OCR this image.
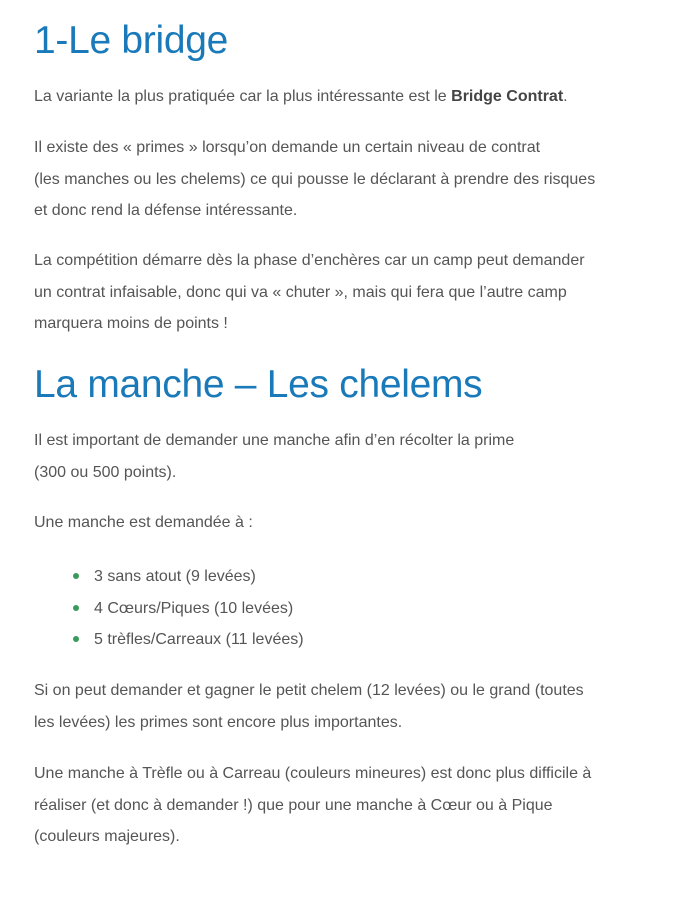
1-Le bridge

La variante la plus pratiquée car la plus intéressante est le Bridge Contrat.

Il existe des « primes » lorsqu’on demande un certain niveau de contrat
(les manches ou les chelems) ce qui pousse le déclarant à prendre des risques
et donc rend la défense intéressante.
La compétition démarre dès la phase d’enchères car un camp peut demander
un contrat infaisable, donc qui va « chuter », mais qui fera que l’autre camp
marquera moins de points !
La manche – Les chelems
Il est important de demander une manche afin d’en récolter la prime
(300 ou 500 points).

Une manche est demandée à :

3 sans atout (9 levées)
4 Cœurs/Piques (10 levées)
5 trèfles/Carreaux (11 levées)
Si on peut demander et gagner le petit chelem (12 levées) ou le grand (toutes
les levées) les primes sont encore plus importantes.
Une manche à Trèfle ou à Carreau (couleurs mineures) est donc plus difficile à
réaliser (et donc à demander !) que pour une manche à Cœur ou à Pique
(couleurs majeures).
